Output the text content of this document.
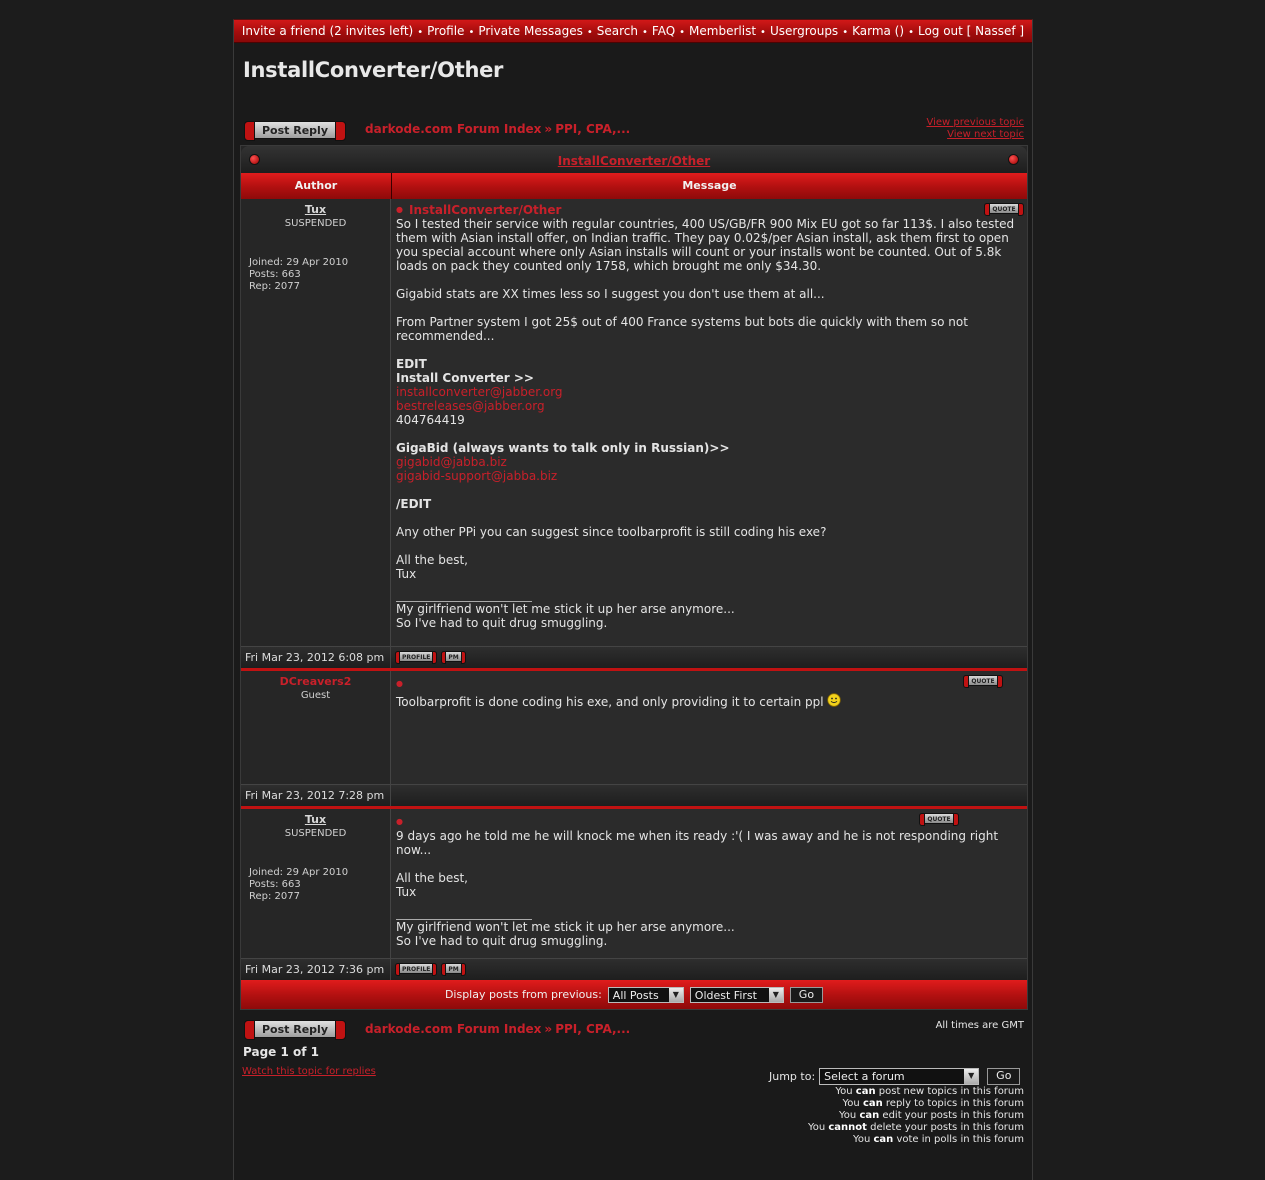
Invite a friend (2 invites left) • Profile • Private Messages • Search • FAQ • Memberlist • Usergroups • Karma () • Log out [ Nassef ]
InstallConverter/Other
Post Reply	darkode.com Forum Index » PPI, CPA,...	View previous topic
View next topic
InstallConverter/Other
Author	Message
Tux
SUSPENDED
Joined: 29 Apr 2010
Posts: 663
Rep: 2077
QUOTE
● InstallConverter/Other

So I tested their service with regular countries, 400 US/GB/FR 900 Mix EU got so far 113$. I also tested them with Asian install offer, on Indian traffic. They pay 0.02$/per Asian install, ask them first to open you special account where only Asian installs will count or your installs wont be counted. Out of 5.8k loads on pack they counted only 1758, which brought me only $34.30.

Gigabid stats are XX times less so I suggest you don't use them at all...

From Partner system I got 25$ out of 400 France systems but bots die quickly with them so not recommended...

EDIT
Install Converter >>
installconverter@jabber.org
bestreleases@jabber.org
404764419

GigaBid (always wants to talk only in Russian)>>
gigabid@jabba.biz
gigabid-support@jabba.biz

/EDIT

Any other PPi you can suggest since toolbarprofit is still coding his exe?

All the best,
Tux

My girlfriend won't let me stick it up her arse anymore...
So I've had to quit drug smuggling.
Fri Mar 23, 2012 6:08 pm	PROFILE	PM
DCreavers2
Guest
QUOTE
●
Toolbarprofit is done coding his exe, and only providing it to certain ppl
Fri Mar 23, 2012 7:28 pm
Tux
SUSPENDED
Joined: 29 Apr 2010
Posts: 663
Rep: 2077
QUOTE
●

9 days ago he told me he will knock me when its ready :'( I was away and he is not responding right now...

All the best,
Tux

My girlfriend won't let me stick it up her arse anymore...
So I've had to quit drug smuggling.
Fri Mar 23, 2012 7:36 pm	PROFILE	PM
Display posts from previous:	All Posts	▼	Oldest First	▼	Go
Post Reply	darkode.com Forum Index » PPI, CPA,...	All times are GMT
Page 1 of 1
Watch this topic for replies	Jump to: Select a forum	▼	Go
You can post new topics in this forum
You can reply to topics in this forum
You can edit your posts in this forum
You cannot delete your posts in this forum
You can vote in polls in this forum
